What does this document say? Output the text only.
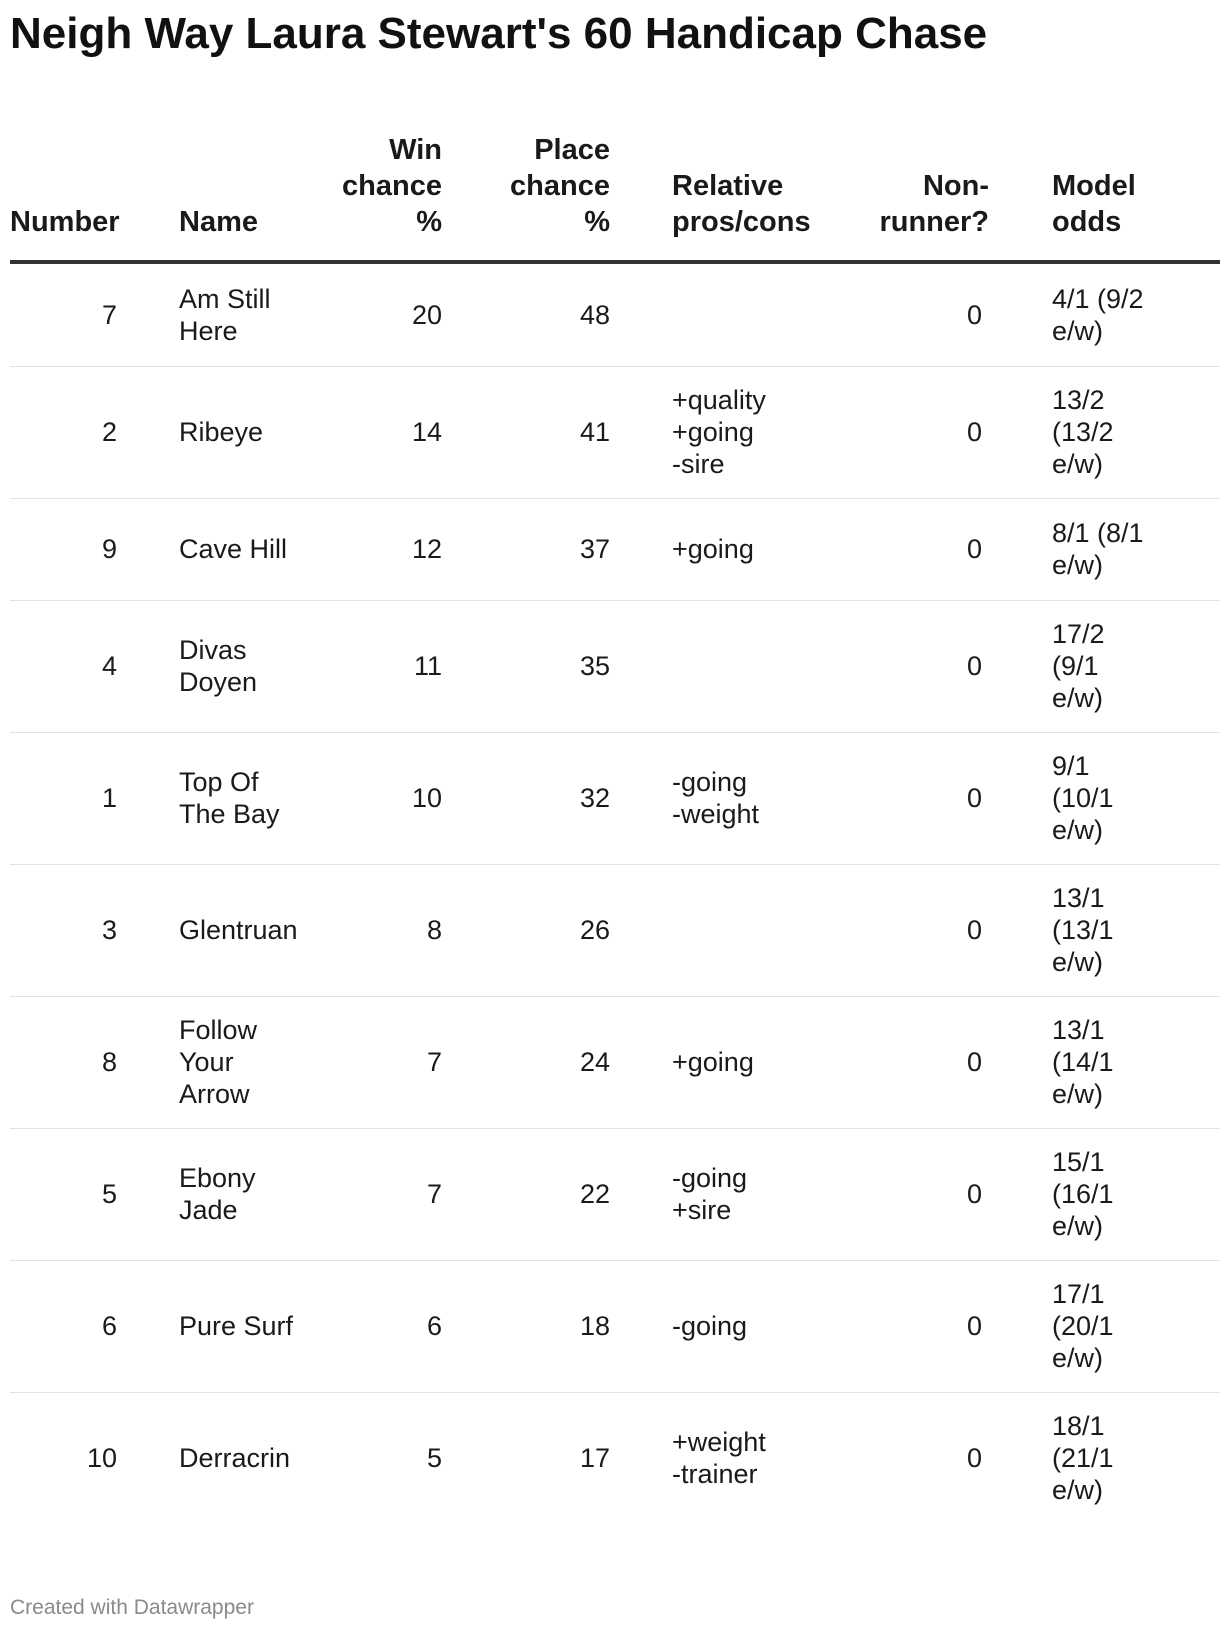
Neigh Way Laura Stewart's 60 Handicap Chase
Number	Name	Win
chance
%	Place
chance
%	Relative
pros/cons	Non-
runner?	Model
odds
7	Am Still
Here	20	48		0	4/1 (9/2
e/w)
2	Ribeye	14	41	+quality
+going
-sire	0	13/2
(13/2
e/w)
9	Cave Hill	12	37	+going	0	8/1 (8/1
e/w)
4	Divas
Doyen	11	35		0	17/2
(9/1
e/w)
1	Top Of
The Bay	10	32	-going
-weight	0	9/1
(10/1
e/w)
3	Glentruan	8	26		0	13/1
(13/1
e/w)
8	Follow
Your
Arrow	7	24	+going	0	13/1
(14/1
e/w)
5	Ebony
Jade	7	22	-going
+sire	0	15/1
(16/1
e/w)
6	Pure Surf	6	18	-going	0	17/1
(20/1
e/w)
10	Derracrin	5	17	+weight
-trainer	0	18/1
(21/1
e/w)
Created with Datawrapper
